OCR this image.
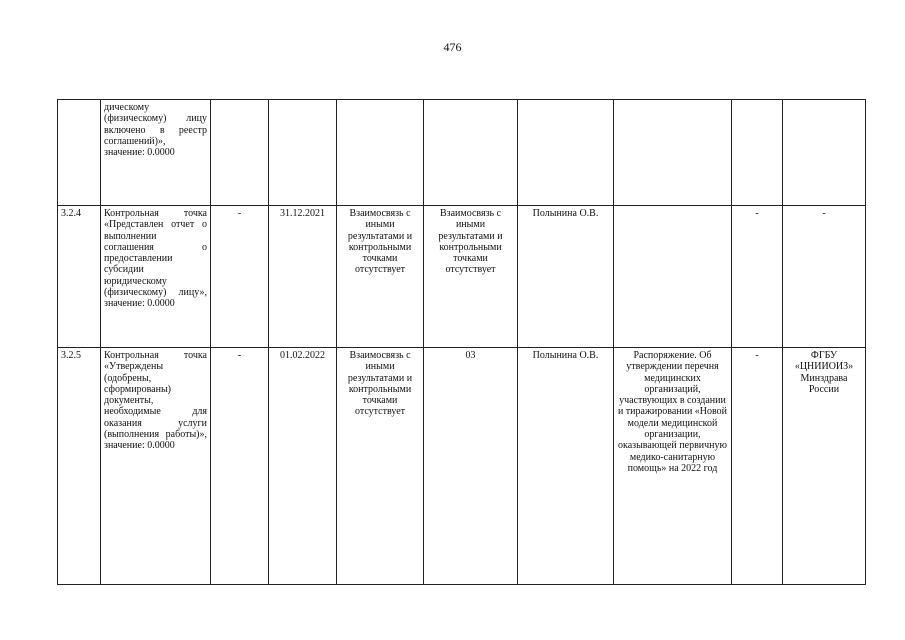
476
	дическому (физическому) лицу включено в реестр соглашений)», значение: 0.0000								
3.2.4	Контрольная точка «Представлен отчет о выполнении соглашения о предоставлении субсидии юридическому (физическому) лицу», значение: 0.0000	-	31.12.2021	Взаимосвязь с иными результатами и контрольными точками отсутствует	Взаимосвязь с иными результатами и контрольными точками отсутствует	Полынина О.В.		-	-
3.2.5	Контрольная точка «Утверждены (одобрены, сформированы) документы, необходимые для оказания услуги (выполнения работы)», значение: 0.0000	-	01.02.2022	Взаимосвязь с иными результатами и контрольными точками отсутствует	03	Полынина О.В.	Распоряжение. Об утверждении перечня медицинских организаций, участвующих в создании и тиражировании «Новой модели медицинской организации, оказывающей первичную медико-санитарную помощь» на 2022 год	-	ФГБУ «ЦНИИОИЗ» Минздрава России
